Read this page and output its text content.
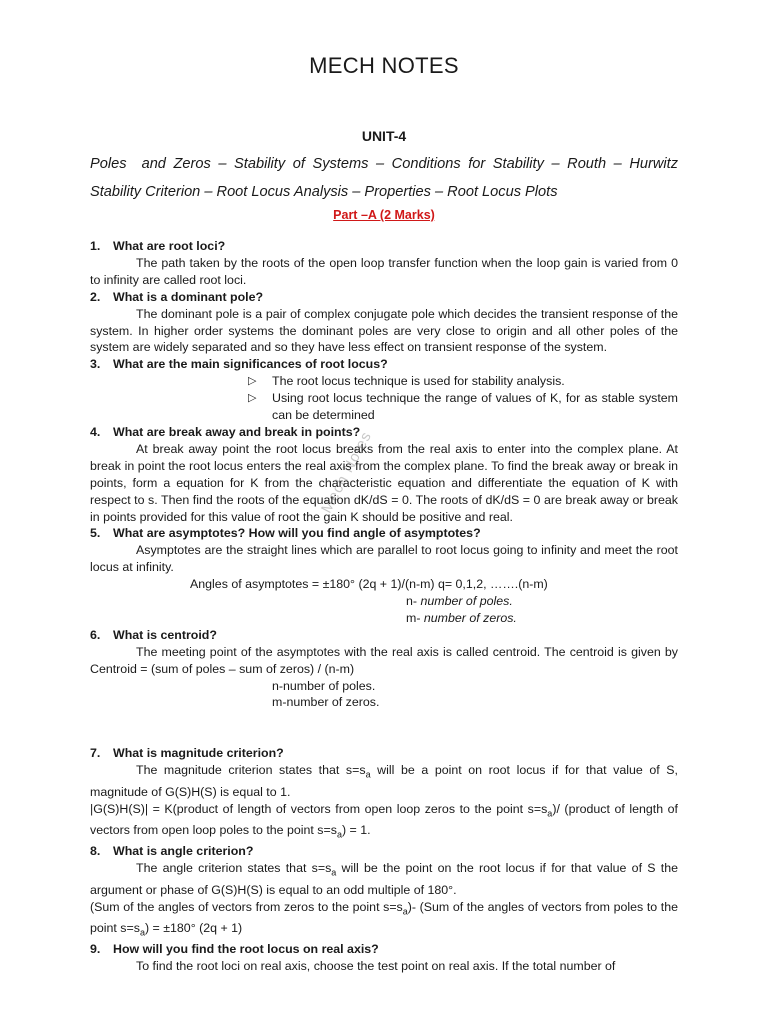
MECH NOTES
UNIT-4
Poles and Zeros – Stability of Systems – Conditions for Stability – Routh – Hurwitz Stability Criterion – Root Locus Analysis – Properties – Root Locus Plots
Part –A (2 Marks)
1. What are root loci?
The path taken by the roots of the open loop transfer function when the loop gain is varied from 0 to infinity are called root loci.
2. What is a dominant pole?
The dominant pole is a pair of complex conjugate pole which decides the transient response of the system. In higher order systems the dominant poles are very close to origin and all other poles of the system are widely separated and so they have less effect on transient response of the system.
3. What are the main significances of root locus?
▷ The root locus technique is used for stability analysis.
▷ Using root locus technique the range of values of K, for as stable system can be determined
4. What are break away and break in points?
At break away point the root locus breaks from the real axis to enter into the complex plane. At break in point the root locus enters the real axis from the complex plane. To find the break away or break in points, form a equation for K from the characteristic equation and differentiate the equation of K with respect to s. Then find the roots of the equation dK/dS = 0. The roots of dK/dS = 0 are break away or break in points provided for this value of root the gain K should be positive and real.
5. What are asymptotes? How will you find angle of asymptotes?
Asymptotes are the straight lines which are parallel to root locus going to infinity and meet the root locus at infinity.
Angles of asymptotes = ±180° (2q + 1)/(n-m) q= 0,1,2, …….(n-m)
n- number of poles.
m- number of zeros.
6. What is centroid?
The meeting point of the asymptotes with the real axis is called centroid. The centroid is given by Centroid = (sum of poles – sum of zeros) / (n-m)
n-number of poles.
m-number of zeros.
7. What is magnitude criterion?
The magnitude criterion states that $s=s_a$ will be a point on root locus if for that value of S, magnitude of G(S)H(S) is equal to 1.
|G(S)H(S)| = K(product of length of vectors from open loop zeros to the point $s=s_a)/$ (product of length of vectors from open loop poles to the point $s=s_a) = 1$.
8. What is angle criterion?
The angle criterion states that $s=s_a$ will be the point on the root locus if for that value of S the argument or phase of G(S)H(S) is equal to an odd multiple of 180°.
(Sum of the angles of vectors from zeros to the point $s=s_a)-$ (Sum of the angles of vectors from poles to the point $s=s_a) = \pm 180^\circ$ (2q + 1)
9. How will you find the root locus on real axis?
To find the root loci on real axis, choose the test point on real axis. If the total number of
Mech Notes
